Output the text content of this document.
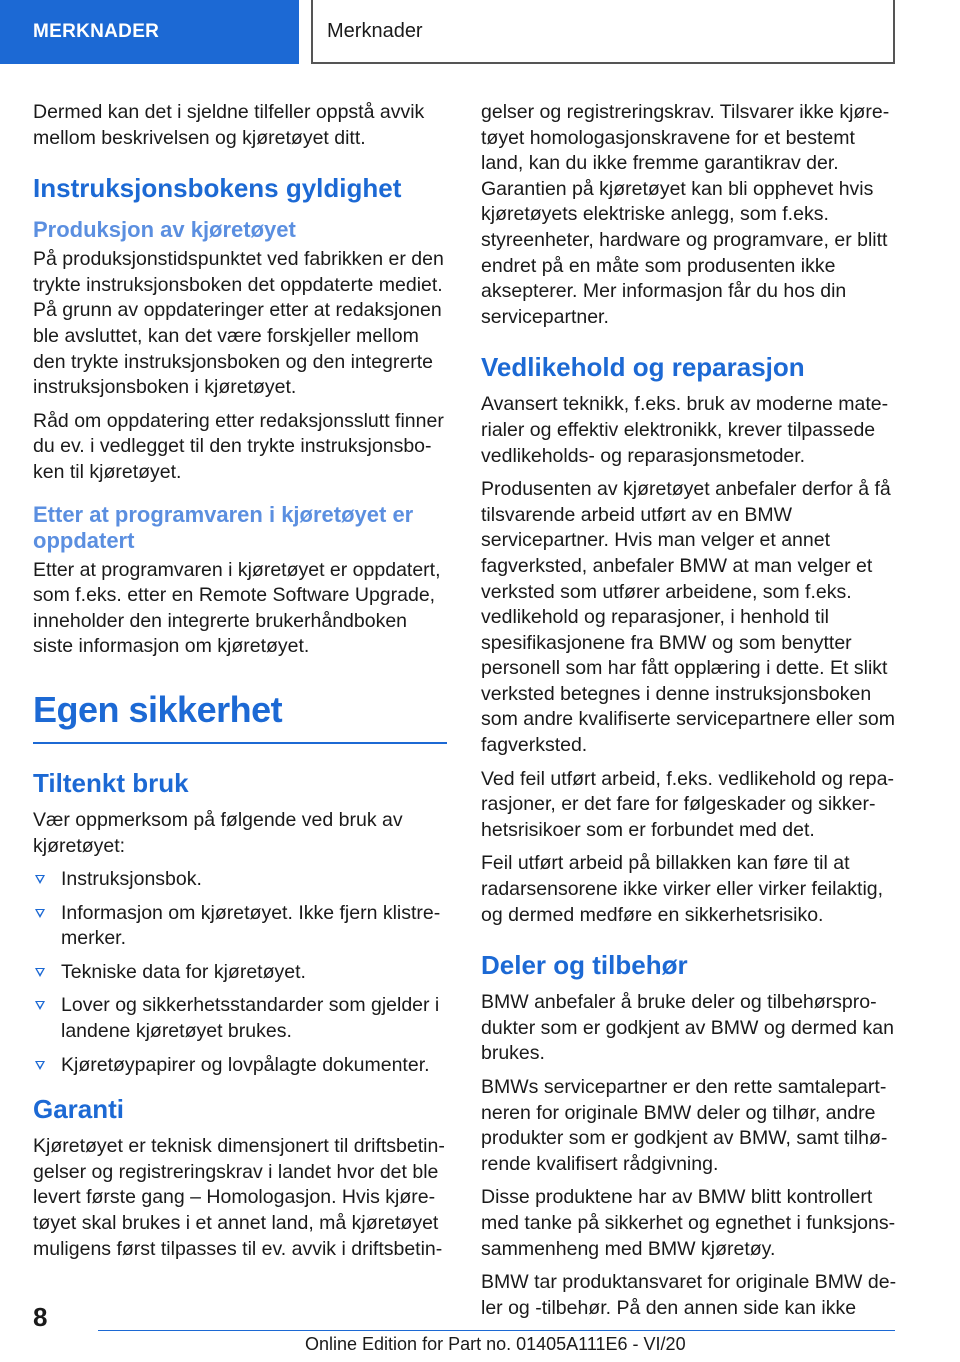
MERKNADER	Merknader

Dermed kan det i sjeldne tilfeller oppstå avvik mellom beskrivelsen og kjøretøyet ditt.

Instruksjonsbokens gyldighet
Produksjon av kjøretøyet

På produksjonstidspunktet ved fabrikken er den trykte instruksjonsboken det oppdaterte mediet. På grunn av oppdateringer etter at redaksjonen ble avsluttet, kan det være forskjeller mellom den trykte instruksjonsboken og den integrerte instruksjonsboken i kjøretøyet.

Råd om oppdatering etter redaksjonsslutt finner du ev. i vedlegget til den trykte instruksjonsboken til kjøretøyet.

Etter at programvaren i kjøretøyet er oppdatert

Etter at programvaren i kjøretøyet er oppdatert, som f.eks. etter en Remote Software Upgrade, inneholder den integrerte brukerhåndboken siste informasjon om kjøretøyet.

Egen sikkerhet
Tiltenkt bruk

Vær oppmerksom på følgende ved bruk av kjøretøyet:

Instruksjonsbok.
Informasjon om kjøretøyet. Ikke fjern klistremerker.
Tekniske data for kjøretøyet.
Lover og sikkerhetsstandarder som gjelder i landene kjøretøyet brukes.
Kjøretøypapirer og lovpålagte dokumenter.
Garanti

Kjøretøyet er teknisk dimensjonert til driftsbetingelser og registreringskrav i landet hvor det ble levert første gang – Homologasjon. Hvis kjøretøyet skal brukes i et annet land, må kjøretøyet muligens først tilpasses til ev. avvik i driftsbetin-

gelser og registreringskrav. Tilsvarer ikke kjøretøyet homologasjonskravene for et bestemt land, kan du ikke fremme garantikrav der. Garantien på kjøretøyet kan bli opphevet hvis kjøretøyets elektriske anlegg, som f.eks. styreenheter, hardware og programvare, er blitt endret på en måte som produsenten ikke aksepterer. Mer informasjon får du hos din servicepartner.

Vedlikehold og reparasjon

Avansert teknikk, f.eks. bruk av moderne materialer og effektiv elektronikk, krever tilpassede vedlikeholds- og reparasjonsmetoder.

Produsenten av kjøretøyet anbefaler derfor å få tilsvarende arbeid utført av en BMW servicepartner. Hvis man velger et annet fagverksted, anbefaler BMW at man velger et verksted som utfører arbeidene, som f.eks. vedlikehold og reparasjoner, i henhold til spesifikasjonene fra BMW og som benytter personell som har fått opplæring i dette. Et slikt verksted betegnes i denne instruksjonsboken som andre kvalifiserte servicepartnere eller som fagverksted.

Ved feil utført arbeid, f.eks. vedlikehold og reparasjoner, er det fare for følgeskader og sikkerhetsrisikoer som er forbundet med det.

Feil utført arbeid på billakken kan føre til at radarsensorene ikke virker eller virker feilaktig, og dermed medføre en sikkerhetsrisiko.

Deler og tilbehør

BMW anbefaler å bruke deler og tilbehørsprodukter som er godkjent av BMW og dermed kan brukes.

BMWs servicepartner er den rette samtalepartneren for originale BMW deler og tilhør, andre produkter som er godkjent av BMW, samt tilhørende kvalifisert rådgivning.

Disse produktene har av BMW blitt kontrollert med tanke på sikkerhet og egnethet i funksjonssammenheng med BMW kjøretøy.

BMW tar produktansvaret for originale BMW deler og -tilbehør. På den annen side kan ikke

8
Online Edition for Part no. 01405A111E6 - VI/20
